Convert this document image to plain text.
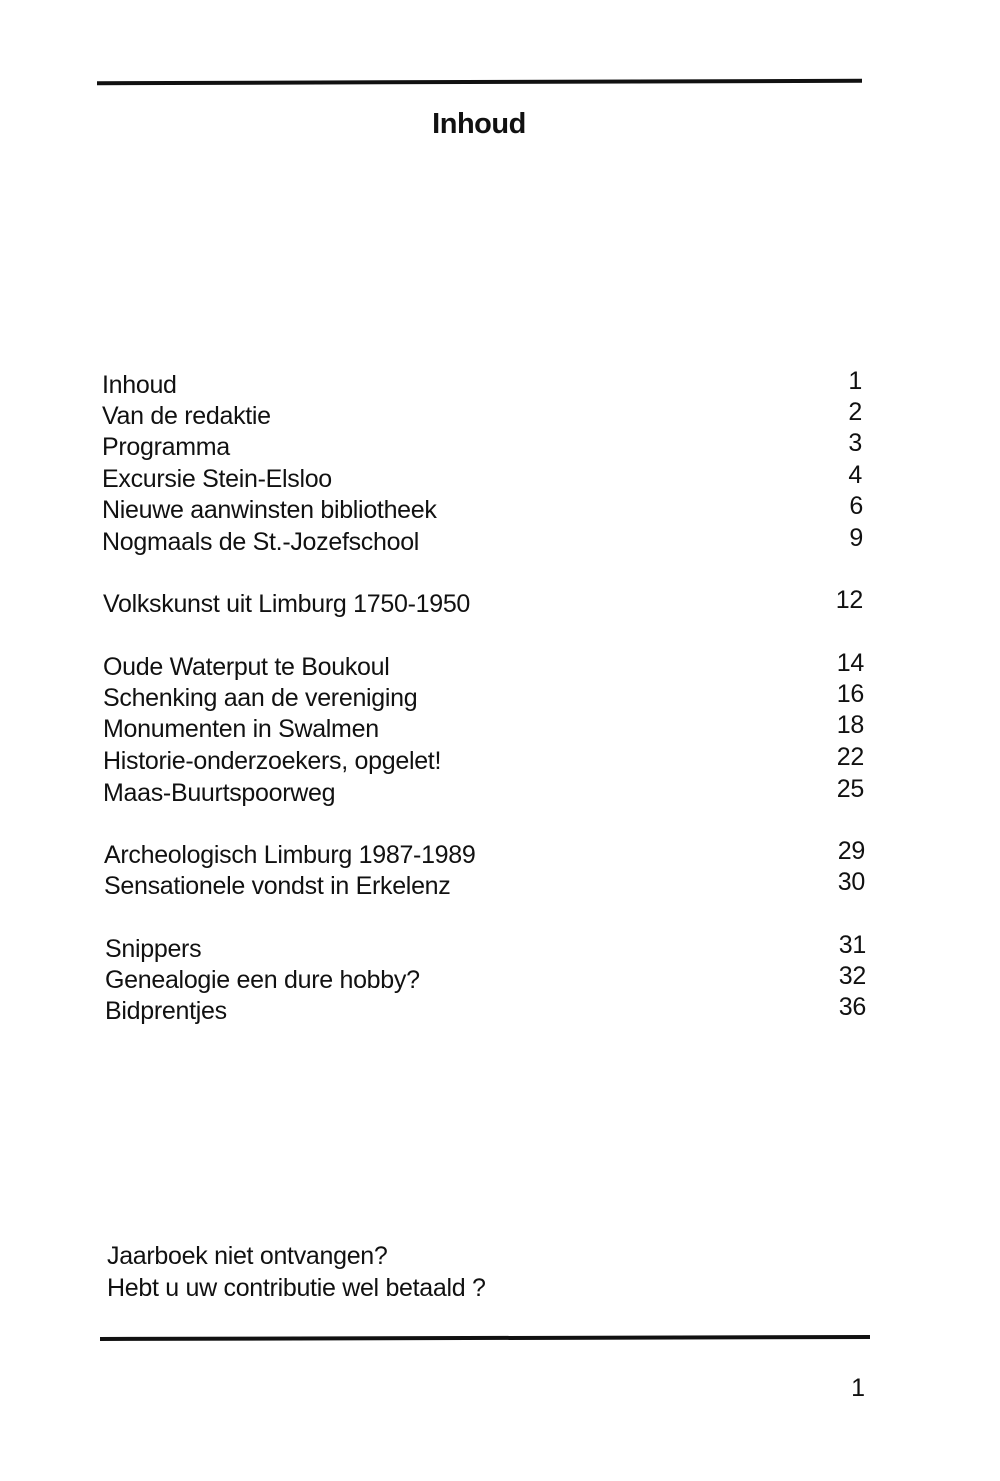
Inhoud
Inhoud	1
Van de redaktie	2
Programma	3
Excursie Stein-Elsloo	4
Nieuwe aanwinsten bibliotheek	6
Nogmaals de St.-Jozefschool	9
Volkskunst uit Limburg 1750-1950	12
Oude Waterput te Boukoul	14
Schenking aan de vereniging	16
Monumenten in Swalmen	18
Historie-onderzoekers, opgelet!	22
Maas-Buurtspoorweg	25
Archeologisch Limburg 1987-1989	29
Sensationele vondst in Erkelenz	30
Snippers	31
Genealogie een dure hobby?	32
Bidprentjes	36
Jaarboek niet ontvangen?
Hebt u uw contributie wel betaald ?
1
